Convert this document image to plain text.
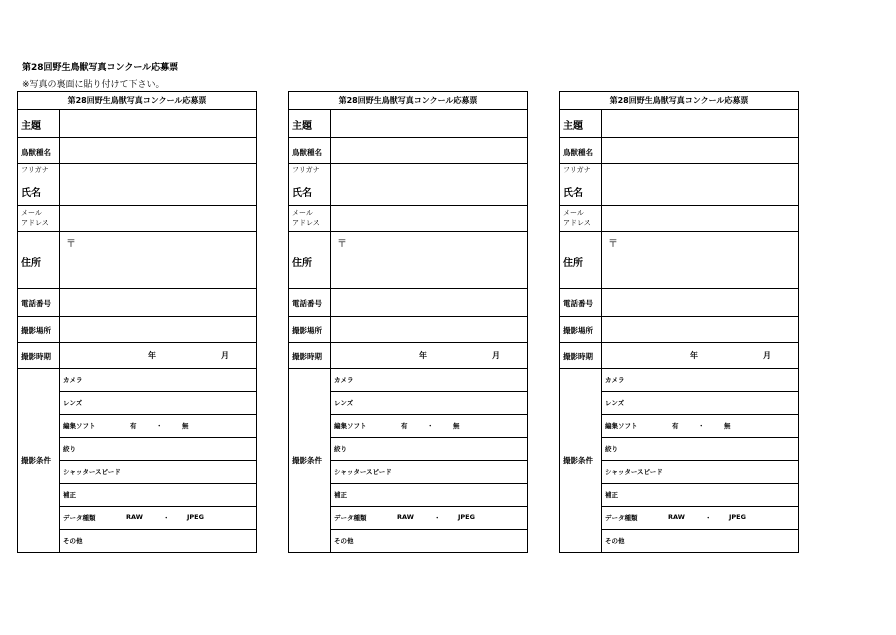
第28回野生鳥獣写真コンクール応募票
※写真の裏面に貼り付けて下さい。
第28回野生鳥獣写真コンクール応募票
主題
鳥獣種名
フリガナ
氏名
メール
アドレス
住所
〒
電話番号
撮影場所
撮影時期	年	月
撮影条件
カメラ
レンズ
編集ソフト	有	・	無
絞り
シャッタースピード
補正
データ種類	RAW	・	JPEG
その他
第28回野生鳥獣写真コンクール応募票
主題
鳥獣種名
フリガナ
氏名
メール
アドレス
住所
〒
電話番号
撮影場所
撮影時期	年	月
撮影条件
カメラ
レンズ
編集ソフト	有	・	無
絞り
シャッタースピード
補正
データ種類	RAW	・	JPEG
その他
第28回野生鳥獣写真コンクール応募票
主題
鳥獣種名
フリガナ
氏名
メール
アドレス
住所
〒
電話番号
撮影場所
撮影時期	年	月
撮影条件
カメラ
レンズ
編集ソフト	有	・	無
絞り
シャッタースピード
補正
データ種類	RAW	・	JPEG
その他
